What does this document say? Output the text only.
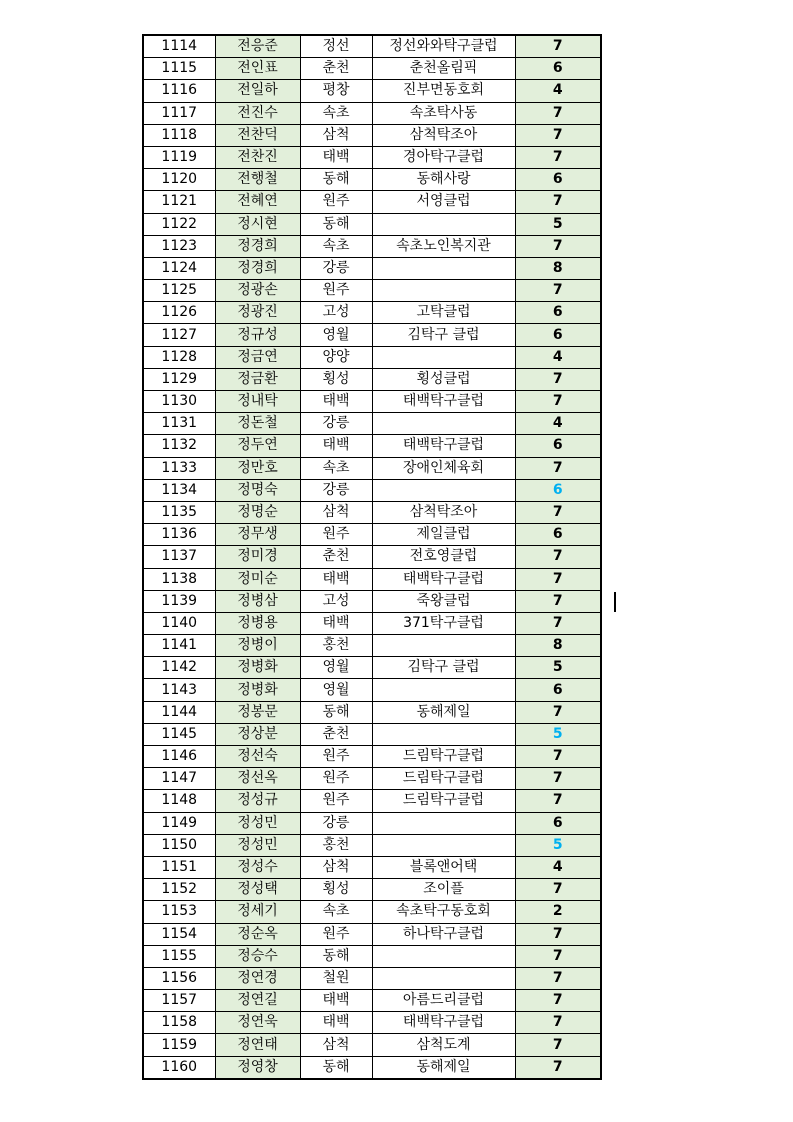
1114	전응준	정선	정선와와탁구클럽	7
1115	전인표	춘천	춘천올림픽	6
1116	전일하	평창	진부면동호회	4
1117	전진수	속초	속초탁사동	7
1118	전찬덕	삼척	삼척탁조아	7
1119	전찬진	태백	경아탁구클럽	7
1120	전행철	동해	동해사랑	6
1121	전혜연	원주	서영클럽	7
1122	정시현	동해		5
1123	정경희	속초	속초노인복지관	7
1124	정경희	강릉		8
1125	정광손	원주		7
1126	정광진	고성	고탁클럽	6
1127	정규성	영월	김탁구 클럽	6
1128	정금연	양양		4
1129	정금환	횡성	횡성클럽	7
1130	정내탁	태백	태백탁구클럽	7
1131	정돈철	강릉		4
1132	정두연	태백	태백탁구클럽	6
1133	정만호	속초	장애인체육회	7
1134	정명숙	강릉		6
1135	정명순	삼척	삼척탁조아	7
1136	정무생	원주	제일클럽	6
1137	정미경	춘천	전호영클럽	7
1138	정미순	태백	태백탁구클럽	7
1139	정병삼	고성	죽왕클럽	7
1140	정병용	태백	371탁구클럽	7
1141	정병이	홍천		8
1142	정병화	영월	김탁구 클럽	5
1143	정병화	영월		6
1144	정봉문	동해	동해제일	7
1145	정상분	춘천		5
1146	정선숙	원주	드림탁구클럽	7
1147	정선옥	원주	드림탁구클럽	7
1148	정성규	원주	드림탁구클럽	7
1149	정성민	강릉		6
1150	정성민	홍천		5
1151	정성수	삼척	블록앤어택	4
1152	정성택	횡성	조이플	7
1153	정세기	속초	속초탁구동호회	2
1154	정순옥	원주	하나탁구클럽	7
1155	정승수	동해		7
1156	정연경	철원		7
1157	정연길	태백	아름드리클럽	7
1158	정연욱	태백	태백탁구클럽	7
1159	정연태	삼척	삼척도계	7
1160	정영창	동해	동해제일	7
